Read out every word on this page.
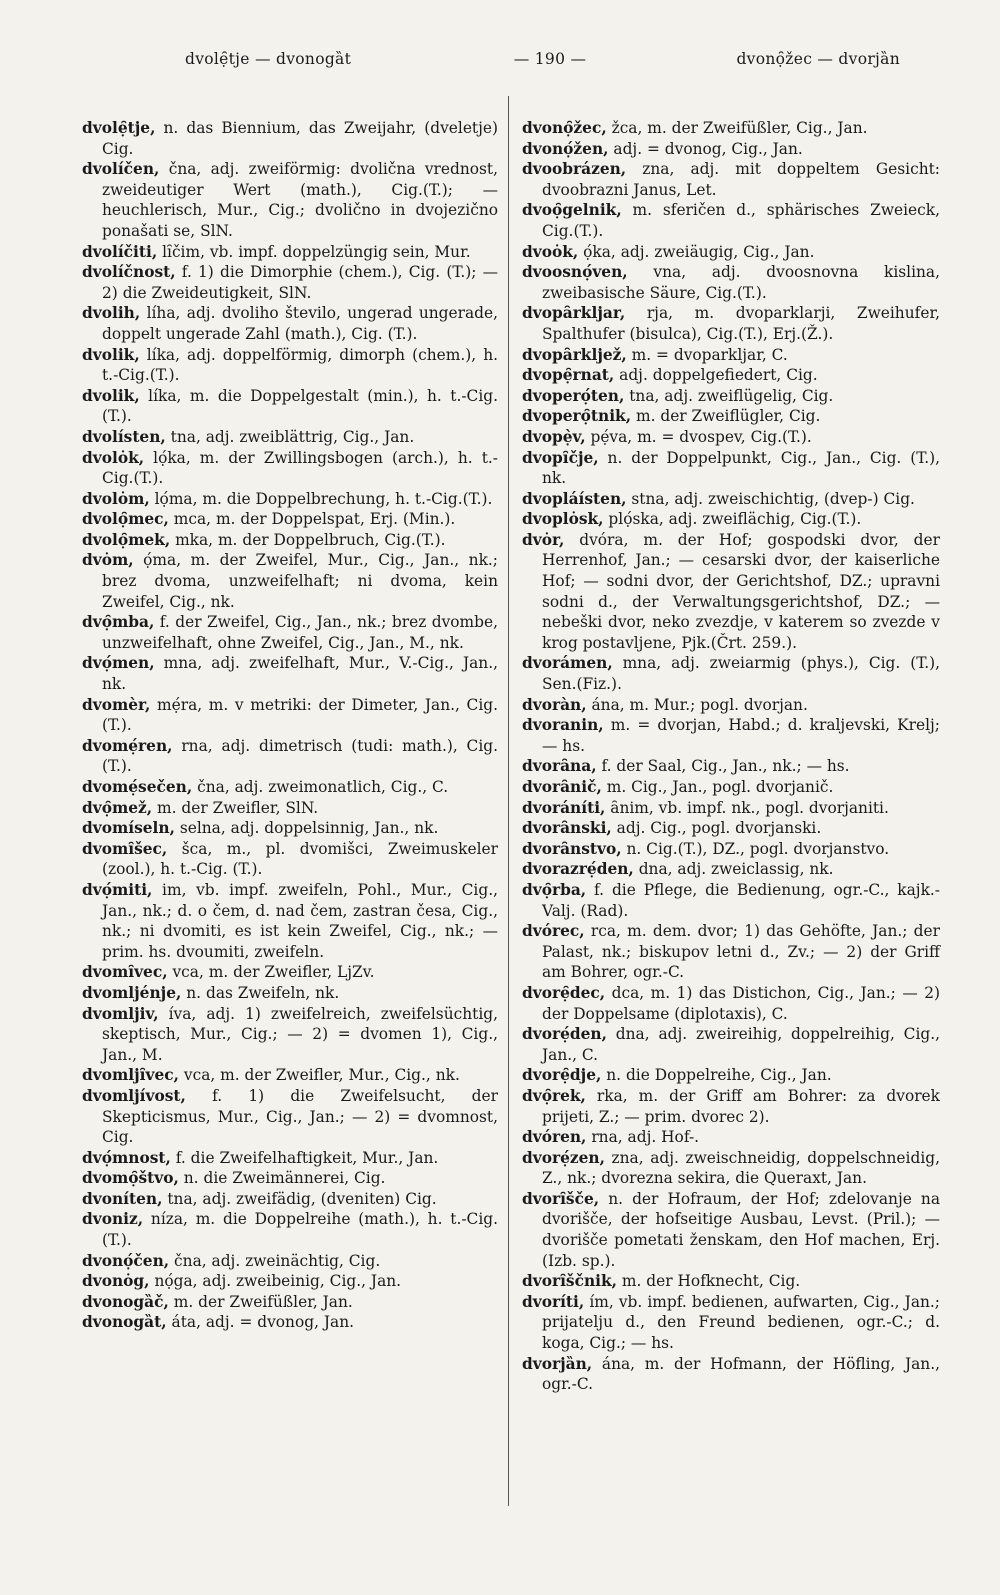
dvolẹ̑tje — dvonogȁt	— 190 —	dvonọ̑žec — dvorjȁn
dvolẹ̑tje, n. das Biennium, das Zweijahr, (dveletje) Cig.
dvolíčen, čna, adj. zweiförmig: dvolična vrednost, zweideutiger Wert (math.), Cig.(T.); — heuchlerisch, Mur., Cig.; dvolično in dvojezično ponašati se, SlN.
dvolíčiti, lı̑čim, vb. impf. doppelzüngig sein, Mur.
dvolíčnost, f. 1) die Dimorphie (chem.), Cig. (T.); — 2) die Zweideutigkeit, SlN.
dvolih, líha, adj. dvoliho število, ungerad ungerade, doppelt ungerade Zahl (math.), Cig. (T.).
dvolik, líka, adj. doppelförmig, dimorph (chem.), h. t.-Cig.(T.).
dvolik, líka, m. die Doppelgestalt (min.), h. t.-Cig.(T.).
dvolísten, tna, adj. zweiblättrig, Cig., Jan.
dvolȯk, lọ́ka, m. der Zwillingsbogen (arch.), h. t.-Cig.(T.).
dvolȯm, lọ́ma, m. die Doppelbrechung, h. t.-Cig.(T.).
dvolọ̑mec, mca, m. der Doppelspat, Erj. (Min.).
dvolọ̑mek, mka, m. der Doppelbruch, Cig.(T.).
dvȯm, ọ́ma, m. der Zweifel, Mur., Cig., Jan., nk.; brez dvoma, unzweifelhaft; ni dvoma, kein Zweifel, Cig., nk.
dvọ̑mba, f. der Zweifel, Cig., Jan., nk.; brez dvombe, unzweifelhaft, ohne Zweifel, Cig., Jan., M., nk.
dvọ́men, mna, adj. zweifelhaft, Mur., V.-Cig., Jan., nk.
dvomèr, mẹ́ra, m. v metriki: der Dimeter, Jan., Cig.(T.).
dvomẹ́ren, rna, adj. dimetrisch (tudi: math.), Cig.(T.).
dvomẹ́sečen, čna, adj. zweimonatlich, Cig., C.
dvọ̑mež, m. der Zweifler, SlN.
dvomíseln, selna, adj. doppelsinnig, Jan., nk.
dvomı̑šec, šca, m., pl. dvomišci, Zweimuskeler (zool.), h. t.-Cig. (T.).
dvọ́miti, im, vb. impf. zweifeln, Pohl., Mur., Cig., Jan., nk.; d. o čem, d. nad čem, zastran česa, Cig., nk.; ni dvomiti, es ist kein Zweifel, Cig., nk.; — prim. hs. dvoumiti, zweifeln.
dvomı̑vec, vca, m. der Zweifler, LjZv.
dvomljénje, n. das Zweifeln, nk.
dvomljiv, íva, adj. 1) zweifelreich, zweifelsüchtig, skeptisch, Mur., Cig.; — 2) = dvomen 1), Cig., Jan., M.
dvomljı̑vec, vca, m. der Zweifler, Mur., Cig., nk.
dvomljívost, f. 1) die Zweifelsucht, der Skepticismus, Mur., Cig., Jan.; — 2) = dvomnost, Cig.
dvọ́mnost, f. die Zweifelhaftigkeit, Mur., Jan.
dvomọ̑štvo, n. die Zweimännerei, Cig.
dvoníten, tna, adj. zweifädig, (dveniten) Cig.
dvoniz, níza, m. die Doppelreihe (math.), h. t.-Cig.(T.).
dvonọ́čen, čna, adj. zweinächtig, Cig.
dvonȯg, nọ́ga, adj. zweibeinig, Cig., Jan.
dvonogȁč, m. der Zweifüßler, Jan.
dvonogȁt, áta, adj. = dvonog, Jan.
dvonọ̑žec, žca, m. der Zweifüßler, Cig., Jan.
dvonọ́žen, adj. = dvonog, Cig., Jan.
dvoobrázen, zna, adj. mit doppeltem Gesicht: dvoobrazni Janus, Let.
dvoọ̑gelnik, m. sferičen d., sphärisches Zweieck, Cig.(T.).
dvoȯk, ọ́ka, adj. zweiäugig, Cig., Jan.
dvoosnọ́ven, vna, adj. dvoosnovna kislina, zweibasische Säure, Cig.(T.).
dvopȃrkljar, rja, m. dvoparklarji, Zweihufer, Spalthufer (bisulca), Cig.(T.), Erj.(Ž.).
dvopȃrklјež, m. = dvoparkljar, C.
dvopẹ̑rnat, adj. doppelgefiedert, Cig.
dvoperọ́ten, tna, adj. zweiflügelig, Cig.
dvoperọ̑tnik, m. der Zweiflügler, Cig.
dvopẹ̀v, pẹ́va, m. = dvospev, Cig.(T.).
dvopı̑čje, n. der Doppelpunkt, Cig., Jan., Cig. (T.), nk.
dvopláísten, stna, adj. zweischichtig, (dvep-) Cig.
dvoplȯsk, plọ́ska, adj. zweiflächig, Cig.(T.).
dvȯr, dvóra, m. der Hof; gospodski dvor, der Herrenhof, Jan.; — cesarski dvor, der kaiserliche Hof; — sodni dvor, der Gerichtshof, DZ.; upravni sodni d., der Verwaltungsgerichtshof, DZ.; — nebeški dvor, neko zvezdje, v katerem so zvezde v krog postavljene, Pjk.(Črt. 259.).
dvorámen, mna, adj. zweiarmig (phys.), Cig. (T.), Sen.(Fiz.).
dvoràn, ána, m. Mur.; pogl. dvorjan.
dvoranin, m. = dvorjan, Habd.; d. kraljevski, Krelj; — hs.
dvorȃna, f. der Saal, Cig., Jan., nk.; — hs.
dvorȃnič, m. Cig., Jan., pogl. dvorjanič.
dvoráníti, ȃnim, vb. impf. nk., pogl. dvorjaniti.
dvorȃnski, adj. Cig., pogl. dvorjanski.
dvorȃnstvo, n. Cig.(T.), DZ., pogl. dvorjanstvo.
dvorazrẹ́den, dna, adj. zweiclassig, nk.
dvọ̑rba, f. die Pflege, die Bedienung, ogr.-C., kajk.-Valj. (Rad).
dvórec, rca, m. dem. dvor; 1) das Gehöfte, Jan.; der Palast, nk.; biskupov letni d., Zv.; — 2) der Griff am Bohrer, ogr.-C.
dvorẹ̑dec, dca, m. 1) das Distichon, Cig., Jan.; — 2) der Doppelsame (diplotaxis), C.
dvorẹ́den, dna, adj. zweireihig, doppelreihig, Cig., Jan., C.
dvorẹ̑dje, n. die Doppelreihe, Cig., Jan.
dvọ̑rek, rka, m. der Griff am Bohrer: za dvorek prijeti, Z.; — prim. dvorec 2).
dvóren, rna, adj. Hof-.
dvorẹ́zen, zna, adj. zweischneidig, doppelschneidig, Z., nk.; dvorezna sekira, die Queraxt, Jan.
dvorı̑šče, n. der Hofraum, der Hof; zdelovanje na dvorišče, der hofseitige Ausbau, Levst. (Pril.); — dvorišče pometati ženskam, den Hof machen, Erj.(Izb. sp.).
dvorı̑ščnik, m. der Hofknecht, Cig.
dvoríti, ím, vb. impf. bedienen, aufwarten, Cig., Jan.; prijatelju d., den Freund bedienen, ogr.-C.; d. koga, Cig.; — hs.
dvorjȁn, ána, m. der Hofmann, der Höfling, Jan., ogr.-C.
